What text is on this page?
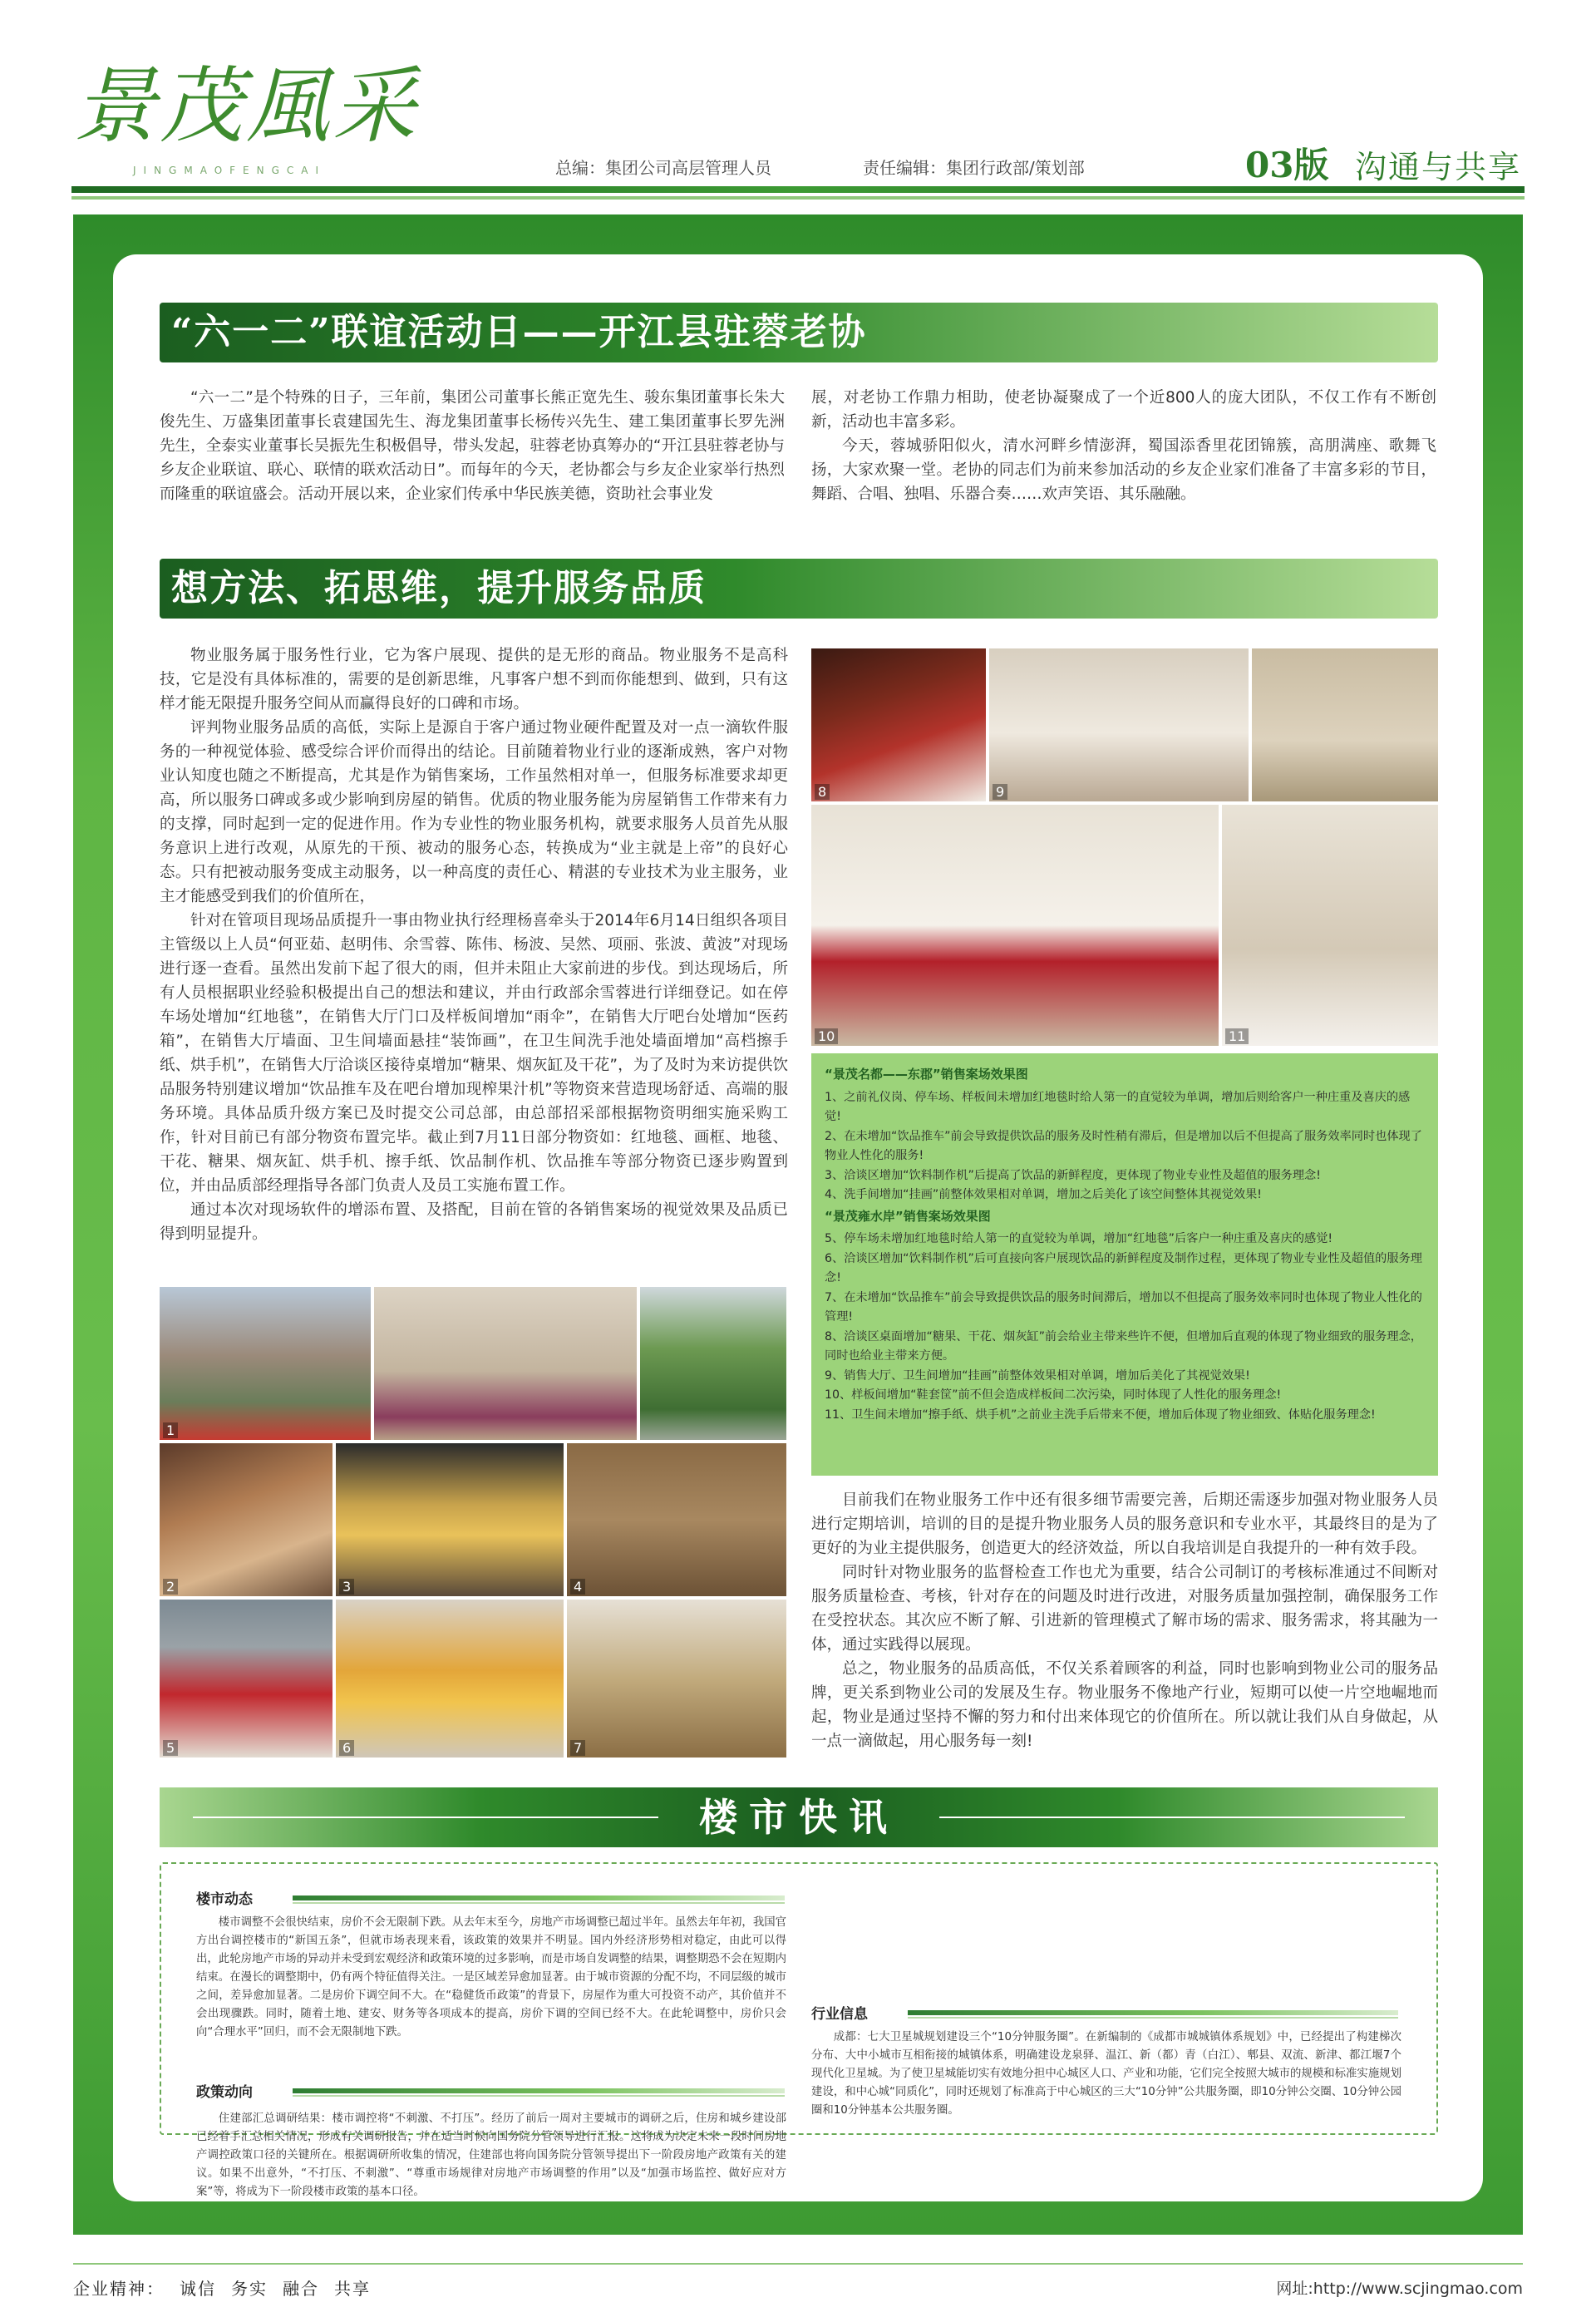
景茂風采
JINGMAOFENGCAI	总编：集团公司高层管理人员	责任编辑：集团行政部/策划部	03版 沟通与共享
“六一二”联谊活动日——开江县驻蓉老协

“六一二”是个特殊的日子，三年前，集团公司董事长熊正宽先生、骏东集团董事长朱大俊先生、万盛集团董事长袁建国先生、海龙集团董事长杨传兴先生、建工集团董事长罗先洲先生，全泰实业董事长吴振先生积极倡导，带头发起，驻蓉老协真筹办的“开江县驻蓉老协与乡友企业联谊、联心、联情的联欢活动日”。而每年的今天，老协都会与乡友企业家举行热烈而隆重的联谊盛会。活动开展以来，企业家们传承中华民族美德，资助社会事业发

展，对老协工作鼎力相助，使老协凝聚成了一个近800人的庞大团队，不仅工作有不断创新，活动也丰富多彩。

今天，蓉城骄阳似火，清水河畔乡情澎湃，蜀国添香里花团锦簇，高朋满座、歌舞飞扬，大家欢聚一堂。老协的同志们为前来参加活动的乡友企业家们准备了丰富多彩的节目，舞蹈、合唱、独唱、乐器合奏……欢声笑语、其乐融融。

想方法、拓思维，提升服务品质

物业服务属于服务性行业，它为客户展现、提供的是无形的商品。物业服务不是高科技，它是没有具体标准的，需要的是创新思维，凡事客户想不到而你能想到、做到，只有这样才能无限提升服务空间从而赢得良好的口碑和市场。

评判物业服务品质的高低，实际上是源自于客户通过物业硬件配置及对一点一滴软件服务的一种视觉体验、感受综合评价而得出的结论。目前随着物业行业的逐渐成熟，客户对物业认知度也随之不断提高，尤其是作为销售案场，工作虽然相对单一，但服务标准要求却更高，所以服务口碑或多或少影响到房屋的销售。优质的物业服务能为房屋销售工作带来有力的支撑，同时起到一定的促进作用。作为专业性的物业服务机构，就要求服务人员首先从服务意识上进行改观，从原先的干预、被动的服务心态，转换成为“业主就是上帝”的良好心态。只有把被动服务变成主动服务，以一种高度的责任心、精湛的专业技术为业主服务，业主才能感受到我们的价值所在，

针对在管项目现场品质提升一事由物业执行经理杨喜牵头于2014年6月14日组织各项目主管级以上人员“何亚茹、赵明伟、余雪蓉、陈伟、杨波、吴然、项丽、张波、黄波”对现场进行逐一查看。虽然出发前下起了很大的雨，但并未阻止大家前进的步伐。到达现场后，所有人员根据职业经验积极提出自己的想法和建议，并由行政部余雪蓉进行详细登记。如在停车场处增加“红地毯”，在销售大厅门口及样板间增加“雨伞”，在销售大厅吧台处增加“医药箱”，在销售大厅墙面、卫生间墙面悬挂“装饰画”，在卫生间洗手池处墙面增加“高档擦手纸、烘手机”，在销售大厅洽谈区接待桌增加“糖果、烟灰缸及干花”，为了及时为来访提供饮品服务特别建议增加“饮品推车及在吧台增加现榨果汁机”等物资来营造现场舒适、高端的服务环境。具体品质升级方案已及时提交公司总部，由总部招采部根据物资明细实施采购工作，针对目前已有部分物资布置完毕。截止到7月11日部分物资如：红地毯、画框、地毯、干花、糖果、烟灰缸、烘手机、擦手纸、饮品制作机、饮品推车等部分物资已逐步购置到位，并由品质部经理指导各部门负责人及员工实施布置工作。

通过本次对现场软件的增添布置、及搭配，目前在管的各销售案场的视觉效果及品质已得到明显提升。

8	9
10	11
1
2	3	4
5	6	7
“景茂名都——东郡”销售案场效果图

1、之前礼仪岗、停车场、样板间未增加红地毯时给人第一的直觉较为单调，增加后则给客户一种庄重及喜庆的感觉!

2、在未增加“饮品推车”前会导致提供饮品的服务及时性稍有滞后，但是增加以后不但提高了服务效率同时也体现了物业人性化的服务!

3、洽谈区增加“饮料制作机”后提高了饮品的新鲜程度，更体现了物业专业性及超值的服务理念!

4、洗手间增加“挂画”前整体效果相对单调，增加之后美化了该空间整体其视觉效果!

“景茂雍水岸”销售案场效果图

5、停车场未增加红地毯时给人第一的直觉较为单调，增加“红地毯”后客户一种庄重及喜庆的感觉!

6、洽谈区增加“饮料制作机”后可直接向客户展现饮品的新鲜程度及制作过程，更体现了物业专业性及超值的服务理念!

7、在未增加“饮品推车”前会导致提供饮品的服务时间滞后，增加以不但提高了服务效率同时也体现了物业人性化的管理!

8、洽谈区桌面增加“糖果、干花、烟灰缸”前会给业主带来些许不便，但增加后直观的体现了物业细致的服务理念，同时也给业主带来方便。

9、销售大厅、卫生间增加“挂画”前整体效果相对单调，增加后美化了其视觉效果!

10、样板间增加“鞋套筐”前不但会造成样板间二次污染，同时体现了人性化的服务理念!

11、卫生间未增加“擦手纸、烘手机”之前业主洗手后带来不便，增加后体现了物业细致、体贴化服务理念!

目前我们在物业服务工作中还有很多细节需要完善，后期还需逐步加强对物业服务人员进行定期培训，培训的目的是提升物业服务人员的服务意识和专业水平，其最终目的是为了更好的为业主提供服务，创造更大的经济效益，所以自我培训是自我提升的一种有效手段。

同时针对物业服务的监督检查工作也尤为重要，结合公司制订的考核标准通过不间断对服务质量检查、考核，针对存在的问题及时进行改进，对服务质量加强控制，确保服务工作在受控状态。其次应不断了解、引进新的管理模式了解市场的需求、服务需求，将其融为一体，通过实践得以展现。

总之，物业服务的品质高低，不仅关系着顾客的利益，同时也影响到物业公司的服务品牌，更关系到物业公司的发展及生存。物业服务不像地产行业，短期可以使一片空地崛地而起，物业是通过坚持不懈的努力和付出来体现它的价值所在。所以就让我们从自身做起，从一点一滴做起，用心服务每一刻!

楼市快讯
楼市动态

楼市调整不会很快结束，房价不会无限制下跌。从去年末至今，房地产市场调整已超过半年。虽然去年年初，我国官方出台调控楼市的“新国五条”，但就市场表现来看，该政策的效果并不明显。国内外经济形势相对稳定，由此可以得出，此轮房地产市场的异动并未受到宏观经济和政策环境的过多影响，而是市场自发调整的结果，调整期恐不会在短期内结束。在漫长的调整期中，仍有两个特征值得关注。一是区域差异愈加显著。由于城市资源的分配不均，不同层级的城市之间，差异愈加显著。二是房价下调空间不大。在“稳健货币政策”的背景下，房屋作为重大可投资不动产，其价值并不会出现骤跌。同时，随着土地、建安、财务等各项成本的提高，房价下调的空间已经不大。在此轮调整中，房价只会向“合理水平”回归，而不会无限制地下跌。

政策动向

住建部汇总调研结果：楼市调控将“不刺激、不打压”。经历了前后一周对主要城市的调研之后，住房和城乡建设部已经着手汇总相关情况，形成有关调研报告，并在适当时候向国务院分管领导进行汇报。这将成为决定未来一段时间房地产调控政策口径的关键所在。根据调研所收集的情况，住建部也将向国务院分管领导提出下一阶段房地产政策有关的建议。如果不出意外，“不打压、不刺激”、“尊重市场规律对房地产市场调整的作用”以及“加强市场监控、做好应对方案”等，将成为下一阶段楼市政策的基本口径。

行业信息

成都：七大卫星城规划建设三个“10分钟服务圈”。在新编制的《成都市城城镇体系规划》中，已经提出了构建梯次分布、大中小城市互相衔接的城镇体系，明确建设龙泉驿、温江、新（都）青（白江）、郫县、双流、新津、都江堰7个现代化卫星城。为了使卫星城能切实有效地分担中心城区人口、产业和功能，它们完全按照大城市的规模和标准实施规划建设，和中心城“同质化”，同时还规划了标准高于中心城区的三大“10分钟”公共服务圈，即10分钟公交圈、10分钟公园圈和10分钟基本公共服务圈。

企业精神： 诚信 务实 融合 共享	网址:http://www.scjingmao.com
